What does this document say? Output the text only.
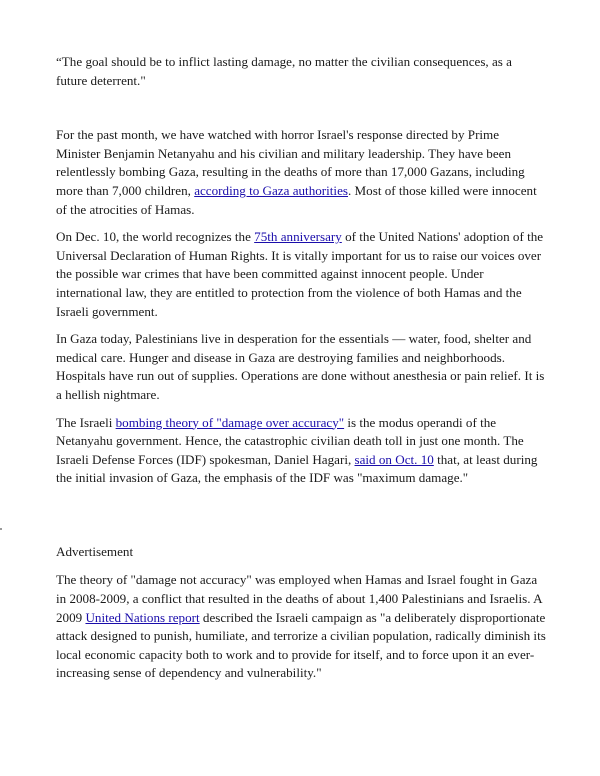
“The goal should be to inflict lasting damage, no matter the civilian consequences, as a future deterrent."

For the past month, we have watched with horror Israel's response directed by Prime Minister Benjamin Netanyahu and his civilian and military leadership. They have been relentlessly bombing Gaza, resulting in the deaths of more than 17,000 Gazans, including more than 7,000 children, according to Gaza authorities. Most of those killed were innocent of the atrocities of Hamas.

On Dec. 10, the world recognizes the 75th anniversary of the United Nations' adoption of the Universal Declaration of Human Rights. It is vitally important for us to raise our voices over the possible war crimes that have been committed against innocent people. Under international law, they are entitled to protection from the violence of both Hamas and the Israeli government.

In Gaza today, Palestinians live in desperation for the essentials — water, food, shelter and medical care. Hunger and disease in Gaza are destroying families and neighborhoods. Hospitals have run out of supplies. Operations are done without anesthesia or pain relief. It is a hellish nightmare.

The Israeli bombing theory of "damage over accuracy" is the modus operandi of the Netanyahu government. Hence, the catastrophic civilian death toll in just one month. The Israeli Defense Forces (IDF) spokesman, Daniel Hagari, said on Oct. 10 that, at least during the initial invasion of Gaza, the emphasis of the IDF was "maximum damage."

Advertisement

The theory of "damage not accuracy" was employed when Hamas and Israel fought in Gaza in 2008-2009, a conflict that resulted in the deaths of about 1,400 Palestinians and Israelis. A 2009 United Nations report described the Israeli campaign as "a deliberately disproportionate attack designed to punish, humiliate, and terrorize a civilian population, radically diminish its local economic capacity both to work and to provide for itself, and to force upon it an ever-increasing sense of dependency and vulnerability."
